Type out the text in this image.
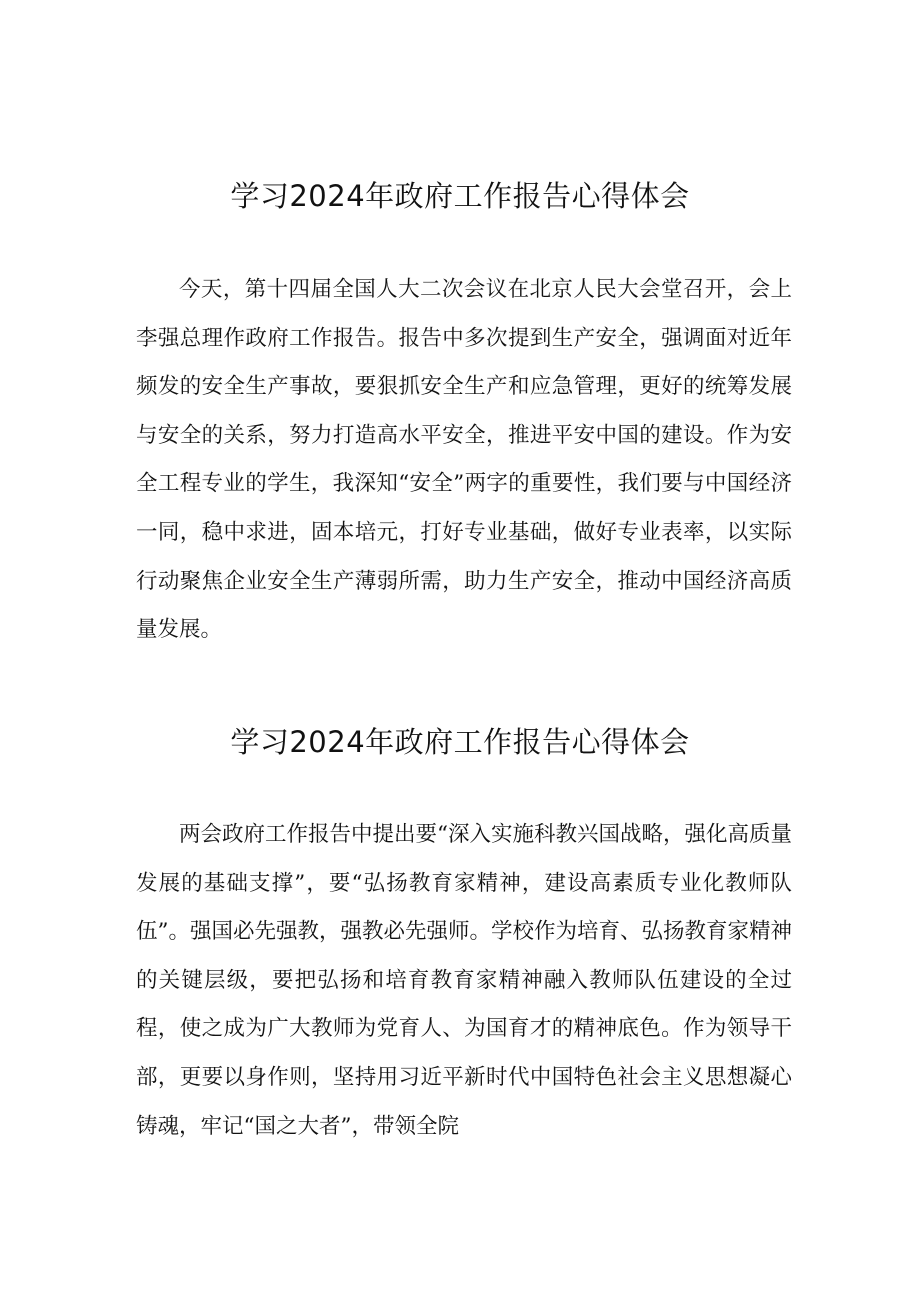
学习2024年政府工作报告心得体会

今天，第十四届全国人大二次会议在北京人民大会堂召开，会上李强总理作政府工作报告。报告中多次提到生产安全，强调面对近年频发的安全生产事故，要狠抓安全生产和应急管理，更好的统筹发展与安全的关系，努力打造高水平安全，推进平安中国的建设。作为安全工程专业的学生，我深知“安全”两字的重要性，我们要与中国经济一同，稳中求进，固本培元，打好专业基础，做好专业表率，以实际行动聚焦企业安全生产薄弱所需，助力生产安全，推动中国经济高质量发展。

学习2024年政府工作报告心得体会

两会政府工作报告中提出要“深入实施科教兴国战略，强化高质量发展的基础支撑”，要“弘扬教育家精神，建设高素质专业化教师队伍”。强国必先强教，强教必先强师。学校作为培育、弘扬教育家精神的关键层级，要把弘扬和培育教育家精神融入教师队伍建设的全过程，使之成为广大教师为党育人、为国育才的精神底色。作为领导干部，更要以身作则，坚持用习近平新时代中国特色社会主义思想凝心铸魂，牢记“国之大者”，带领全院
